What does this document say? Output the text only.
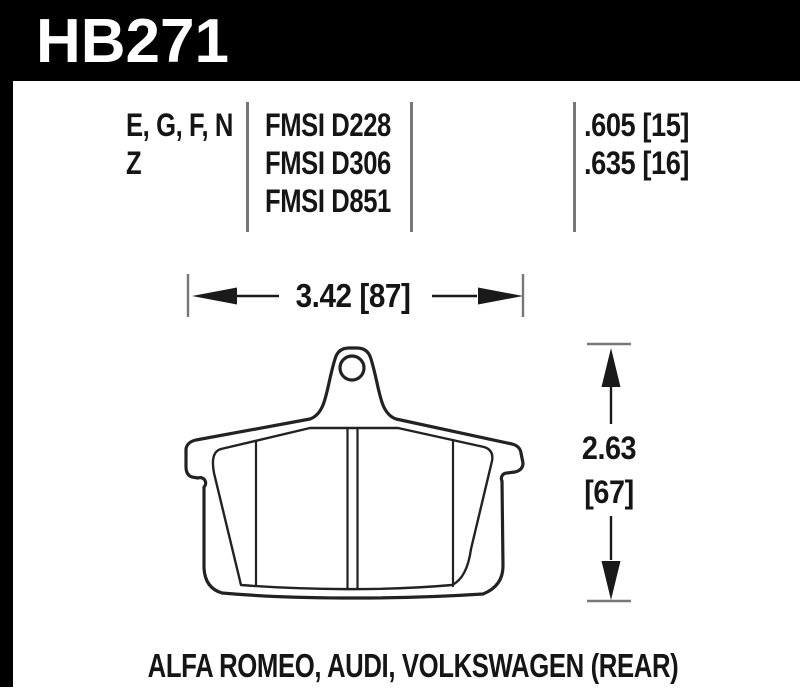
HB271
E, G, F, N
Z
FMSI D228
FMSI D306
FMSI D851
.605 [15]
.635 [16]
3.42 [87]
2.63
[67]
ALFA ROMEO, AUDI, VOLKSWAGEN (REAR)
